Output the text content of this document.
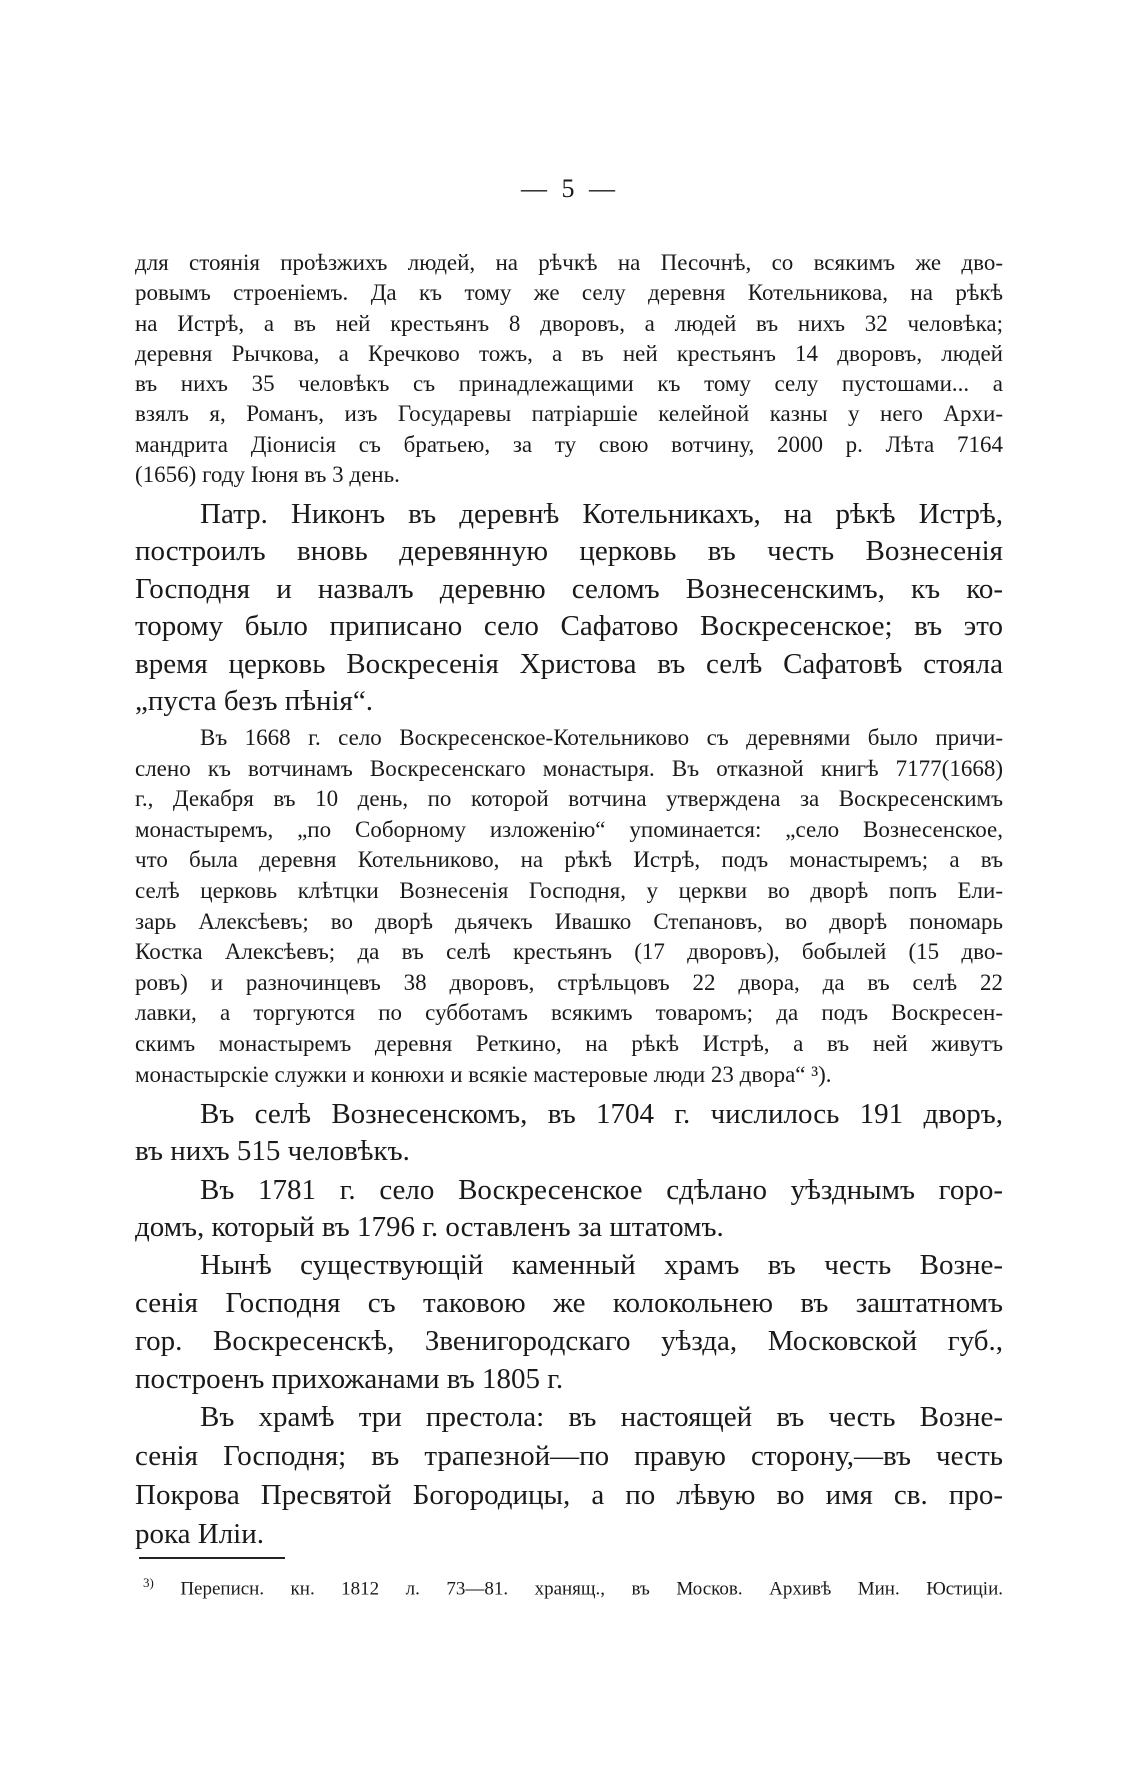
— 5 —
для стоянія проѣзжихъ людей, на рѣчкѣ на Песочнѣ, со всякимъ же дво-
ровымъ строеніемъ. Да къ тому же селу деревня Котельникова, на рѣкѣ
на Истрѣ, а въ ней крестьянъ 8 дворовъ, а людей въ нихъ 32 человѣка;
деревня Рычкова, а Кречково тожъ, а въ ней крестьянъ 14 дворовъ, людей
въ нихъ 35 человѣкъ съ принадлежащими къ тому селу пустошами... а
взялъ я, Романъ, изъ Государевы патріаршіе келейной казны у него Архи-
мандрита Діонисія съ братьею, за ту свою вотчину, 2000 р. Лѣта 7164
(1656) году Іюня въ 3 день.
Патр. Никонъ въ деревнѣ Котельникахъ, на рѣкѣ Истрѣ,
построилъ вновь деревянную церковь въ честь Вознесенія
Господня и назвалъ деревню селомъ Вознесенскимъ, къ ко-
торому было приписано село Сафатово Воскресенское; въ это
время церковь Воскресенія Христова въ селѣ Сафатовѣ стояла
„пуста безъ пѣнія“.
Въ 1668 г. село Воскресенское-Котельниково съ деревнями было причи-
слено къ вотчинамъ Воскресенскаго монастыря. Въ отказной книгѣ 7177(1668)
г., Декабря въ 10 день, по которой вотчина утверждена за Воскресенскимъ
монастыремъ, „по Соборному изложенію“ упоминается: „село Вознесенское,
что была деревня Котельниково, на рѣкѣ Истрѣ, подъ монастыремъ; а въ
селѣ церковь клѣтцки Вознесенія Господня, у церкви во дворѣ попъ Ели-
зарь Алексѣевъ; во дворѣ дьячекъ Ивашко Степановъ, во дворѣ пономарь
Костка Алексѣевъ; да въ селѣ крестьянъ (17 дворовъ), бобылей (15 дво-
ровъ) и разночинцевъ 38 дворовъ, стрѣльцовъ 22 двора, да въ селѣ 22
лавки, а торгуются по субботамъ всякимъ товаромъ; да подъ Воскресен-
скимъ монастыремъ деревня Реткино, на рѣкѣ Истрѣ, а въ ней живутъ
монастырскіе служки и конюхи и всякіе мастеровые люди 23 двора“ ³).
Въ селѣ Вознесенскомъ, въ 1704 г. числилось 191 дворъ,
въ нихъ 515 человѣкъ.
Въ 1781 г. село Воскресенское сдѣлано уѣзднымъ горо-
домъ, который въ 1796 г. оставленъ за штатомъ.
Нынѣ существующій каменный храмъ въ честь Возне-
сенія Господня съ таковою же колокольнею въ заштатномъ
гор. Воскресенскѣ, Звенигородскаго уѣзда, Московской губ.,
построенъ прихожанами въ 1805 г.
Въ храмѣ три престола: въ настоящей въ честь Возне-
сенія Господня; въ трапезной—по правую сторону,—въ честь
Покрова Пресвятой Богородицы, а по лѣвую во имя св. про-
рока Иліи.
$^{3)}$ Переписн. кн. 1812 л. 73—81. хранящ., въ Москов. Архивѣ Мин. Юстиціи.
